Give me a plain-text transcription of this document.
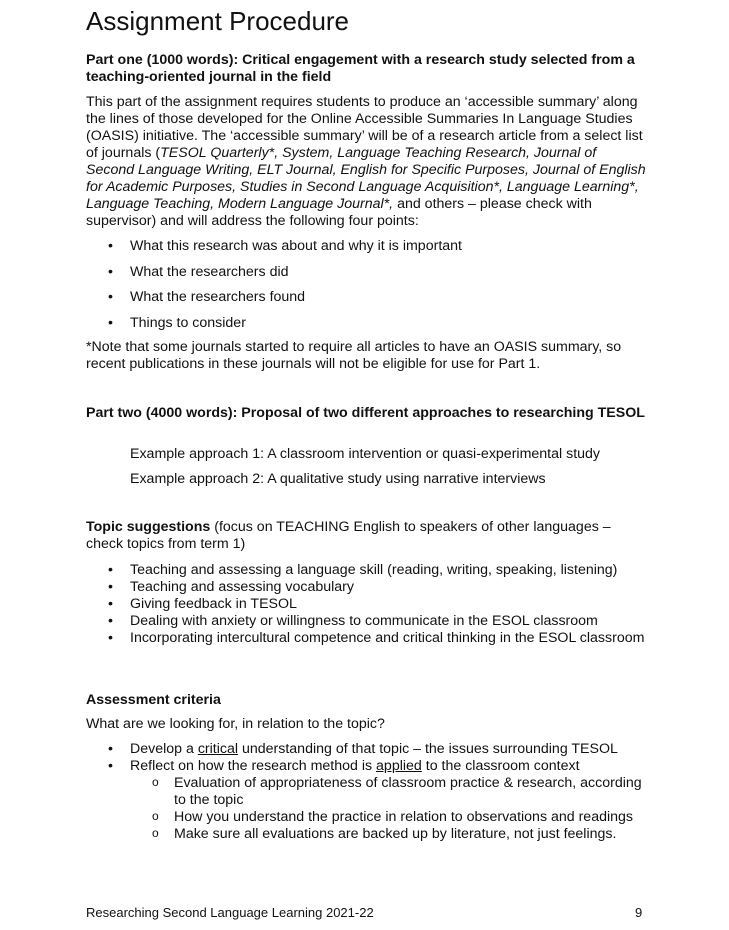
Assignment Procedure
Part one (1000 words): Critical engagement with a research study selected from a teaching-oriented journal in the field
This part of the assignment requires students to produce an ‘accessible summary’ along the lines of those developed for the Online Accessible Summaries In Language Studies (OASIS) initiative. The ‘accessible summary’ will be of a research article from a select list of journals (TESOL Quarterly*, System, Language Teaching Research, Journal of Second Language Writing, ELT Journal, English for Specific Purposes, Journal of English for Academic Purposes, Studies in Second Language Acquisition*, Language Learning*, Language Teaching, Modern Language Journal*, and others – please check with supervisor) and will address the following four points:
• What this research was about and why it is important
• What the researchers did
• What the researchers found
• Things to consider
*Note that some journals started to require all articles to have an OASIS summary, so recent publications in these journals will not be eligible for use for Part 1.
Part two (4000 words): Proposal of two different approaches to researching TESOL
Example approach 1: A classroom intervention or quasi-experimental study
Example approach 2: A qualitative study using narrative interviews
Topic suggestions (focus on TEACHING English to speakers of other languages – check topics from term 1)
• Teaching and assessing a language skill (reading, writing, speaking, listening)
• Teaching and assessing vocabulary
• Giving feedback in TESOL
• Dealing with anxiety or willingness to communicate in the ESOL classroom
• Incorporating intercultural competence and critical thinking in the ESOL classroom
Assessment criteria
What are we looking for, in relation to the topic?
• Develop a critical understanding of that topic – the issues surrounding TESOL
• Reflect on how the research method is applied to the classroom context
o Evaluation of appropriateness of classroom practice & research, according to the topic
o How you understand the practice in relation to observations and readings
o Make sure all evaluations are backed up by literature, not just feelings.
Researching Second Language Learning 2021-22	9
